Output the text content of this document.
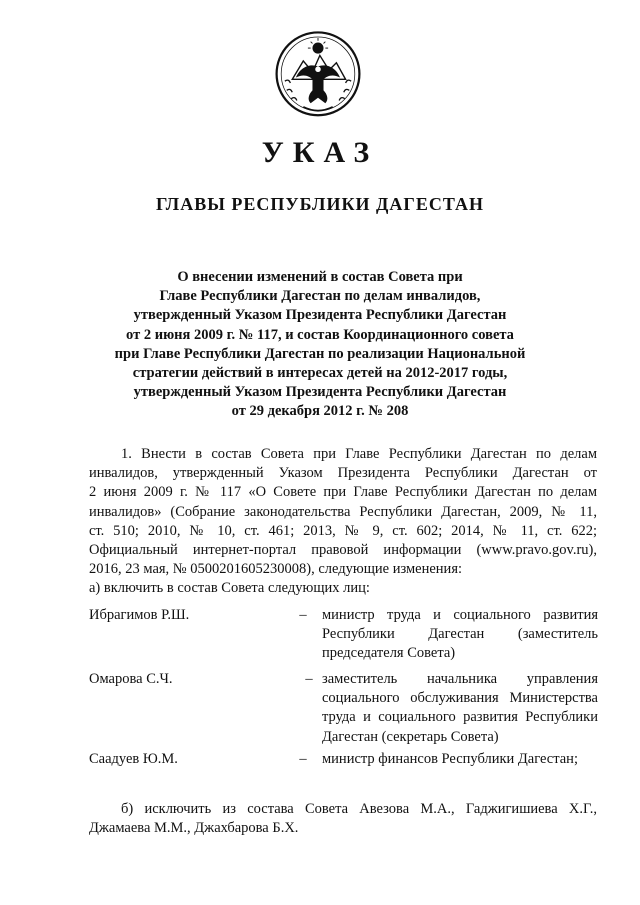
УКАЗ
ГЛАВЫ РЕСПУБЛИКИ ДАГЕСТАН
О внесении изменений в состав Совета при
Главе Республики Дагестан по делам инвалидов,
утвержденный Указом Президента Республики Дагестан
от 2 июня 2009 г. № 117, и состав Координационного совета
при Главе Республики Дагестан по реализации Национальной
стратегии действий в интересах детей на 2012-2017 годы,
утвержденный Указом Президента Республики Дагестан
от 29 декабря 2012 г. № 208
1. Внести в состав Совета при Главе Республики Дагестан по делам
инвалидов, утвержденный Указом Президента Республики Дагестан от
2 июня 2009 г. № 117 «О Совете при Главе Республики Дагестан по делам
инвалидов» (Собрание законодательства Республики Дагестан, 2009, № 11,
ст. 510; 2010, № 10, ст. 461; 2013, № 9, ст. 602; 2014, № 11, ст. 622;
Официальный интернет-портал правовой информации (www.pravo.gov.ru),
2016, 23 мая, № 0500201605230008), следующие изменения:
а) включить в состав Совета следующих лиц:
Ибрагимов Р.Ш.	–	министр труда и социального развития
Республики Дагестан (заместитель
председателя Совета)
Омарова С.Ч.	– заместитель начальника управления
социального обслуживания Министерства
труда и социального развития Республики
Дагестан (секретарь Совета)
Саадуев Ю.М.	–	министр финансов Республики Дагестан;
б) исключить из состава Совета Авезова М.А., Гаджигишиева Х.Г.,
Джамаева М.М., Джахбарова Б.Х.
